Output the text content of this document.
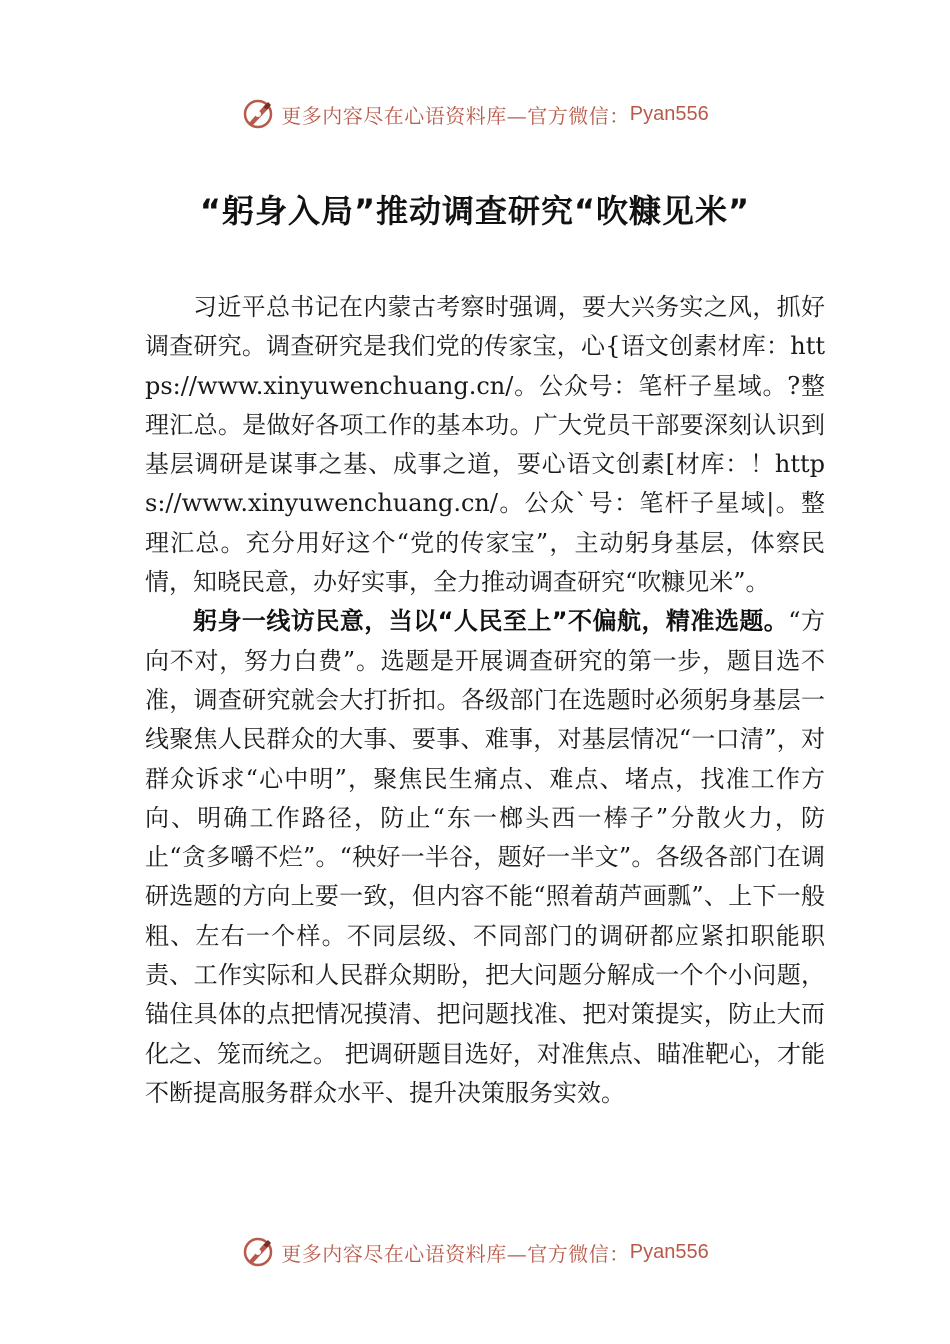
更多内容尽在心语资料库—官方微信： Pyan556
“躬身入局”推动调查研究“吹糠见米”

习近平总书记在内蒙古考察时强调，要大兴务实之风，抓好调查研究。调查研究是我们党的传家宝，心{语文创素材库：https://www.xinyuwenchuang.cn/。公众号：笔杆子星域。?整理汇总。是做好各项工作的基本功。广大党员干部要深刻认识到基层调研是谋事之基、成事之道，要心语文创素[材库：！https://www.xinyuwenchuang.cn/。公众`号：笔杆子星域|。整理汇总。充分用好这个“党的传家宝”，主动躬身基层，体察民情，知晓民意，办好实事，全力推动调查研究“吹糠见米”。

躬身一线访民意，当以“人民至上”不偏航，精准选题。“方向不对，努力白费”。选题是开展调查研究的第一步，题目选不准，调查研究就会大打折扣。各级部门在选题时必须躬身基层一线聚焦人民群众的大事、要事、难事，对基层情况“一口清”，对群众诉求“心中明”，聚焦民生痛点、难点、堵点，找准工作方向、明确工作路径，防止“东一榔头西一棒子”分散火力，防止“贪多嚼不烂”。“秧好一半谷，题好一半文”。各级各部门在调研选题的方向上要一致，但内容不能“照着葫芦画瓢”、上下一般粗、左右一个样。不同层级、不同部门的调研都应紧扣职能职责、工作实际和人民群众期盼，把大问题分解成一个个小问题，锚住具体的点把情况摸清、把问题找准、把对策提实，防止大而化之、笼而统之。 把调研题目选好，对准焦点、瞄准靶心，才能不断提高服务群众水平、提升决策服务实效。

更多内容尽在心语资料库—官方微信： Pyan556
